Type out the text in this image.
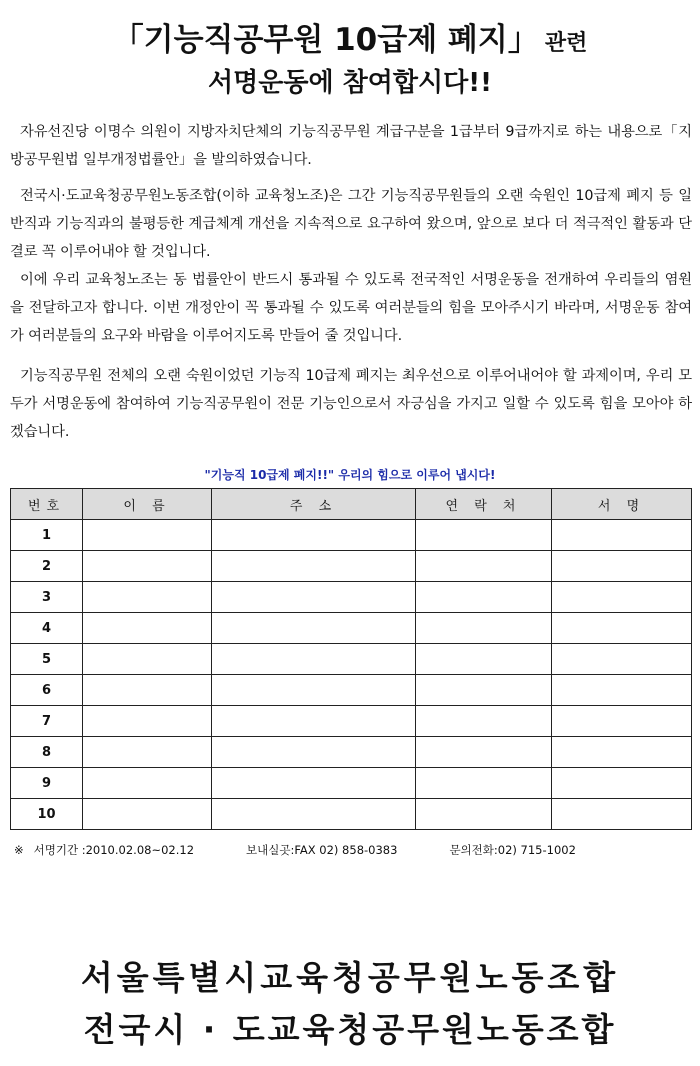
「기능직공무원 10급제 폐지」 관련
서명운동에 참여합시다!!

자유선진당 이명수 의원이 지방자치단체의 기능직공무원 계급구분을 1급부터 9급까지로 하는 내용으로「지방공무원법 일부개정법률안」을 발의하였습니다.

전국시·도교육청공무원노동조합(이하 교육청노조)은 그간 기능직공무원들의 오랜 숙원인 10급제 폐지 등 일반직과 기능직과의 불평등한 계급체계 개선을 지속적으로 요구하여 왔으며, 앞으로 보다 더 적극적인 활동과 단결로 꼭 이루어내야 할 것입니다.

이에 우리 교육청노조는 동 법률안이 반드시 통과될 수 있도록 전국적인 서명운동을 전개하여 우리들의 염원을 전달하고자 합니다. 이번 개정안이 꼭 통과될 수 있도록 여러분들의 힘을 모아주시기 바라며, 서명운동 참여가 여러분들의 요구와 바람을 이루어지도록 만들어 줄 것입니다.

기능직공무원 전체의 오랜 숙원이었던 기능직 10급제 폐지는 최우선으로 이루어내어야 할 과제이며, 우리 모두가 서명운동에 참여하여 기능직공무원이 전문 기능인으로서 자긍심을 가지고 일할 수 있도록 힘을 모아야 하겠습니다.

"기능직 10급제 폐지!!" 우리의 힘으로 이루어 냅시다!
번호	이 름	주 소	연 락 처	서 명
1				
2				
3				
4				
5				
6				
7				
8				
9				
10				
※ 서명기간 :2010.02.08~02.12	보내실곳:FAX 02) 858-0383	문의전화:02) 715-1002
서울특별시교육청공무원노동조합
전국시 · 도교육청공무원노동조합
